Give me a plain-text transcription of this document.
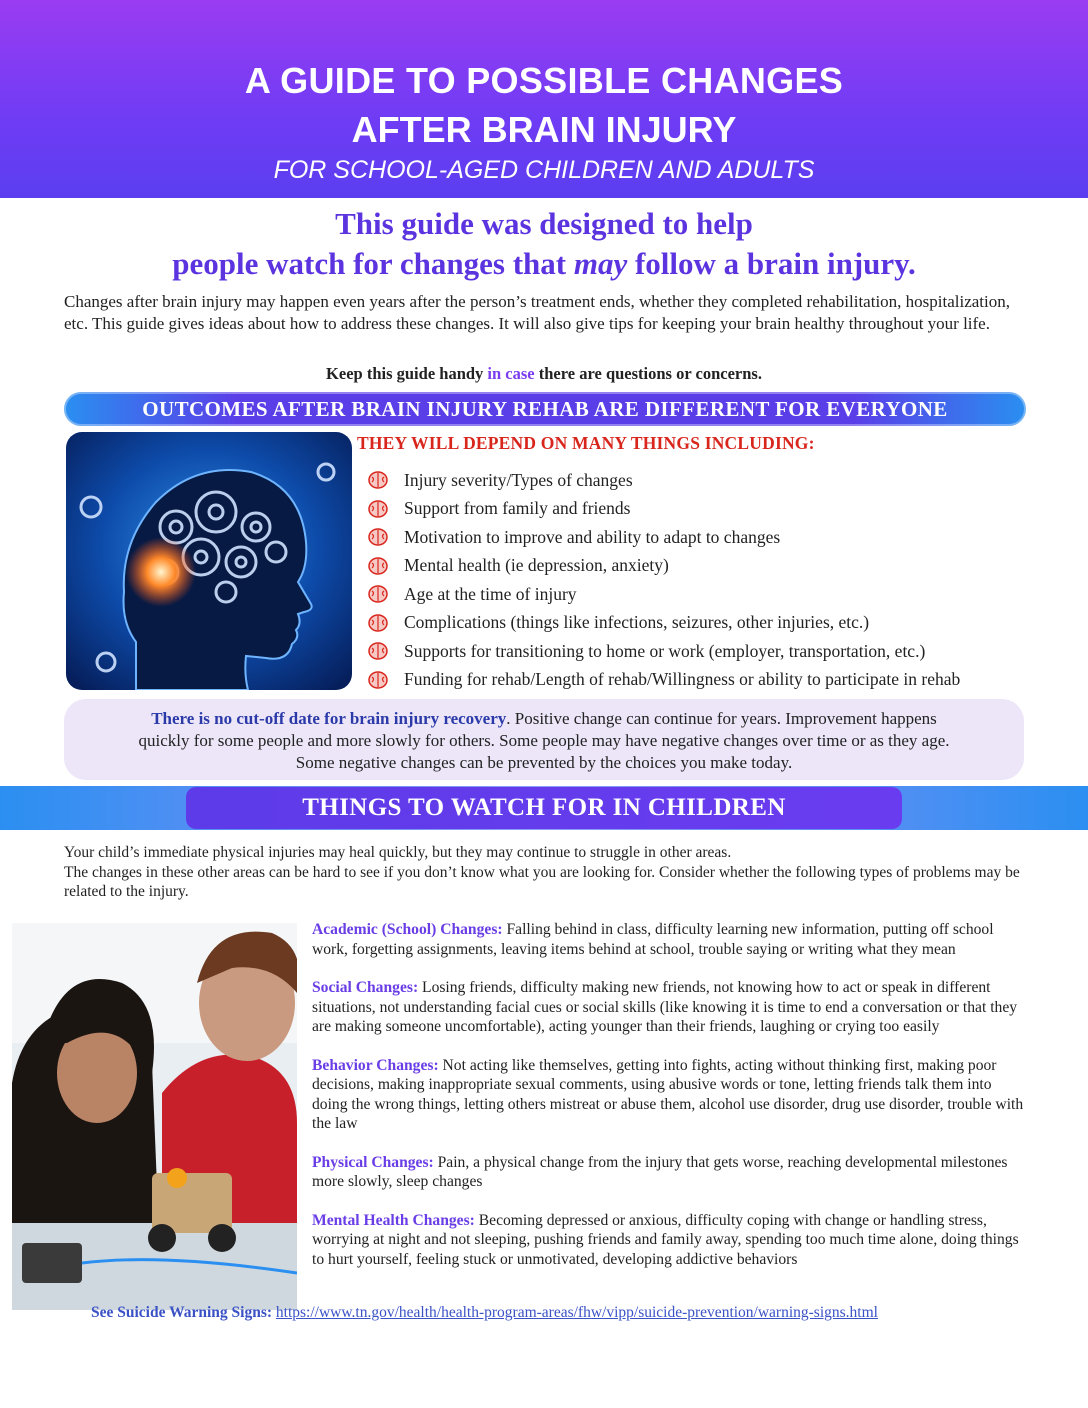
A GUIDE TO POSSIBLE CHANGES
AFTER BRAIN INJURY
FOR SCHOOL-AGED CHILDREN AND ADULTS
This guide was designed to help
people watch for changes that may follow a brain injury.
Changes after brain injury may happen even years after the person’s treatment ends, whether they completed rehabilitation, hospitalization, etc. This guide gives ideas about how to address these changes. It will also give tips for keeping your brain healthy throughout your life.
Keep this guide handy in case there are questions or concerns.
OUTCOMES AFTER BRAIN INJURY REHAB ARE DIFFERENT FOR EVERYONE
THEY WILL DEPEND ON MANY THINGS INCLUDING:
Injury severity/Types of changes
Support from family and friends
Motivation to improve and ability to adapt to changes
Mental health (ie depression, anxiety)
Age at the time of injury
Complications (things like infections, seizures, other injuries, etc.)
Supports for transitioning to home or work (employer, transportation, etc.)
Funding for rehab/Length of rehab/Willingness or ability to participate in rehab
There is no cut-off date for brain injury recovery. Positive change can continue for years. Improvement happens
quickly for some people and more slowly for others. Some people may have negative changes over time or as they age.
Some negative changes can be prevented by the choices you make today.
THINGS TO WATCH FOR IN CHILDREN
Your child’s immediate physical injuries may heal quickly, but they may continue to struggle in other areas.
The changes in these other areas can be hard to see if you don’t know what you are looking for. Consider whether the following types of problems may be related to the injury.
Academic (School) Changes: Falling behind in class, difficulty learning new information, putting off school work, forgetting assignments, leaving items behind at school, trouble saying or writing what they mean
Social Changes: Losing friends, difficulty making new friends, not knowing how to act or speak in different situations, not understanding facial cues or social skills (like knowing it is time to end a conversation or that they are making someone uncomfortable), acting younger than their friends, laughing or crying too easily
Behavior Changes: Not acting like themselves, getting into fights, acting without thinking first, making poor decisions, making inappropriate sexual comments, using abusive words or tone, letting friends talk them into doing the wrong things, letting others mistreat or abuse them, alcohol use disorder, drug use disorder, trouble with the law
Physical Changes: Pain, a physical change from the injury that gets worse, reaching developmental milestones more slowly, sleep changes
Mental Health Changes: Becoming depressed or anxious, difficulty coping with change or handling stress, worrying at night and not sleeping, pushing friends and family away, spending too much time alone, doing things to hurt yourself, feeling stuck or unmotivated, developing addictive behaviors
See Suicide Warning Signs: https://www.tn.gov/health/health-program-areas/fhw/vipp/suicide-prevention/warning-signs.html
